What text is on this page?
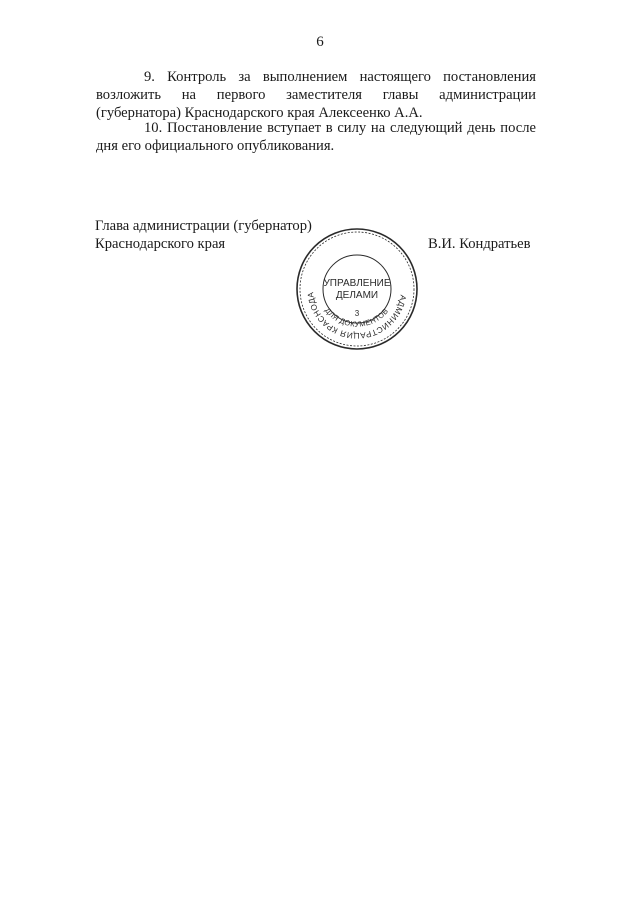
6

9. Контроль за выполнением настоящего постановления возложить на первого заместителя главы администрации (губернатора) Краснодарского края Алексеенко А.А.

10. Постановление вступает в силу на следующий день после дня его официального опубликования.

Глава администрации (губернатор)
Краснодарского края	В.И. Кондратьев
АДМИНИСТРАЦИЯ КРАСНОДА
ДЛЯ ДОКУМЕНТОВ
УПРАВЛЕНИЕ
ДЕЛАМИ
3
